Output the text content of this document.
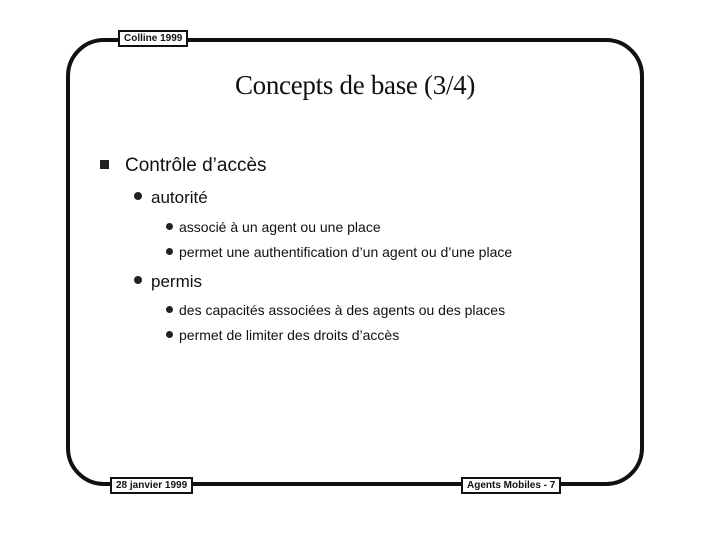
Colline 1999
Concepts de base (3/4)
Contrôle d’accès
autorité
associé à un agent ou une place
permet une authentification d’un agent ou d’une place
permis
des capacités associées à des agents ou des places
permet de limiter des droits d’accès
28 janvier 1999	Agents Mobiles - 7
